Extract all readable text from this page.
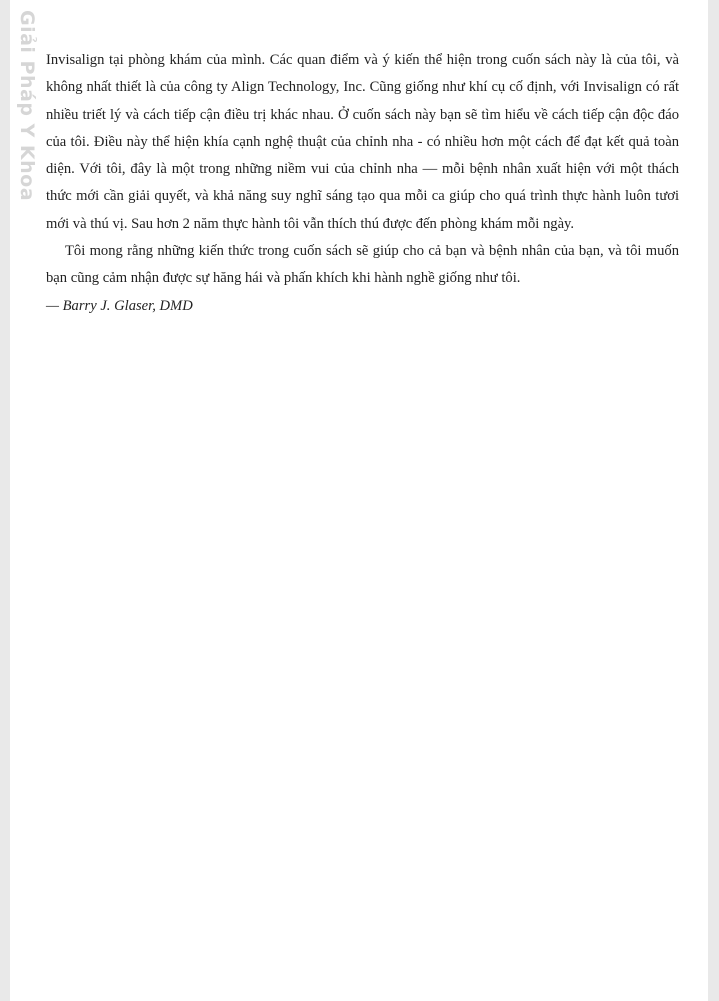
Giải Pháp Y Khoa Invisalign tại phòng khám của mình. Các quan điểm và ý kiến thể hiện trong cuốn sách này là của tôi, và không nhất thiết là của công ty Align Technology, Inc. Cũng giống như khí cụ cố định, với Invisalign có rất nhiều triết lý và cách tiếp cận điều trị khác nhau. Ở cuốn sách này bạn sẽ tìm hiểu về cách tiếp cận độc đáo của tôi. Điều này thể hiện khía cạnh nghệ thuật của chỉnh nha - có nhiều hơn một cách để đạt kết quả toàn diện. Với tôi, đây là một trong những niềm vui của chỉnh nha — mỗi bệnh nhân xuất hiện với một thách thức mới cần giải quyết, và khả năng suy nghĩ sáng tạo qua mỗi ca giúp cho quá trình thực hành luôn tươi mới và thú vị. Sau hơn 2 năm thực hành tôi vẫn thích thú được đến phòng khám mỗi ngày.

Tôi mong rằng những kiến thức trong cuốn sách sẽ giúp cho cả bạn và bệnh nhân của bạn, và tôi muốn bạn cũng cảm nhận được sự hăng hái và phấn khích khi hành nghề giống như tôi.

— Barry J. Glaser, DMD
